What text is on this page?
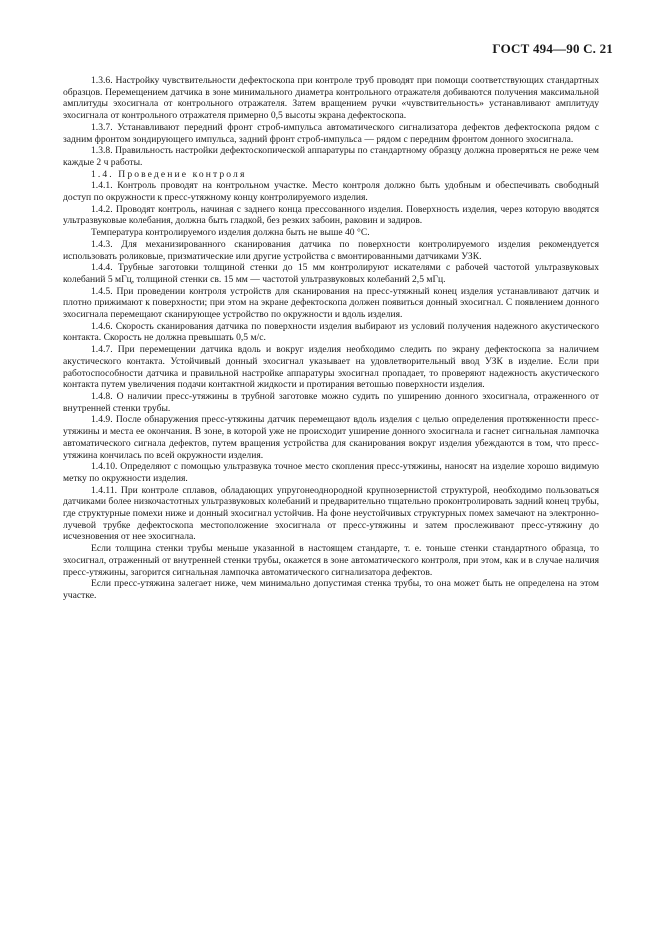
ГОСТ 494—90 С. 21

1.3.6. Настройку чувствительности дефектоскопа при контроле труб проводят при помощи соответствующих стандартных образцов. Перемещением датчика в зоне минимального диаметра контрольного отражателя добиваются получения максимальной амплитуды эхосигнала от контрольного отражателя. Затем вращением ручки «чувствительность» устанавливают амплитуду эхосигнала от контрольного отражателя примерно 0,5 высоты экрана дефектоскопа.

1.3.7. Устанавливают передний фронт строб-импульса автоматического сигнализатора дефектов дефектоскопа рядом с задним фронтом зондирующего импульса, задний фронт строб-импульса — рядом с передним фронтом донного эхосигнала.

1.3.8. Правильность настройки дефектоскопической аппаратуры по стандартному образцу должна проверяться не реже чем каждые 2 ч работы.

1.4. Проведение контроля

1.4.1. Контроль проводят на контрольном участке. Место контроля должно быть удобным и обеспечивать свободный доступ по окружности к пресс-утяжному концу контролируемого изделия.

1.4.2. Проводят контроль, начиная с заднего конца прессованного изделия. Поверхность изделия, через которую вводятся ультразвуковые колебания, должна быть гладкой, без резких забоин, раковин и задиров.

Температура контролируемого изделия должна быть не выше 40 °С.

1.4.3. Для механизированного сканирования датчика по поверхности контролируемого изделия рекомендуется использовать роликовые, призматические или другие устройства с вмонтированными датчиками УЗК.

1.4.4. Трубные заготовки толщиной стенки до 15 мм контролируют искателями с рабочей частотой ультразвуковых колебаний 5 мГц, толщиной стенки св. 15 мм — частотой ультразвуковых колебаний 2,5 мГц.

1.4.5. При проведении контроля устройств для сканирования на пресс-утяжный конец изделия устанавливают датчик и плотно прижимают к поверхности; при этом на экране дефектоскопа должен появиться донный эхосигнал. С появлением донного эхосигнала перемещают сканирующее устройство по окружности и вдоль изделия.

1.4.6. Скорость сканирования датчика по поверхности изделия выбирают из условий получения надежного акустического контакта. Скорость не должна превышать 0,5 м/с.

1.4.7. При перемещении датчика вдоль и вокруг изделия необходимо следить по экрану дефектоскопа за наличием акустического контакта. Устойчивый донный эхосигнал указывает на удовлетворительный ввод УЗК в изделие. Если при работоспособности датчика и правильной настройке аппаратуры эхосигнал пропадает, то проверяют надежность акустического контакта путем увеличения подачи контактной жидкости и протирания ветошью поверхности изделия.

1.4.8. О наличии пресс-утяжины в трубной заготовке можно судить по уширению донного эхосигнала, отраженного от внутренней стенки трубы.

1.4.9. После обнаружения пресс-утяжины датчик перемещают вдоль изделия с целью определения протяженности пресс-утяжины и места ее окончания. В зоне, в которой уже не происходит уширение донного эхосигнала и гаснет сигнальная лампочка автоматического сигнала дефектов, путем вращения устройства для сканирования вокруг изделия убеждаются в том, что пресс-утяжина кончилась по всей окружности изделия.

1.4.10. Определяют с помощью ультразвука точное место скопления пресс-утяжины, наносят на изделие хорошо видимую метку по окружности изделия.

1.4.11. При контроле сплавов, обладающих упругонеоднородной крупнозернистой структурой, необходимо пользоваться датчиками более низкочастотных ультразвуковых колебаний и предварительно тщательно проконтролировать задний конец трубы, где структурные помехи ниже и донный эхосигнал устойчив. На фоне неустойчивых структурных помех замечают на электронно-лучевой трубке дефектоскопа местоположение эхосигнала от пресс-утяжины и затем прослеживают пресс-утяжину до исчезновения от нее эхосигнала.

Если толщина стенки трубы меньше указанной в настоящем стандарте, т. е. тоньше стенки стандартного образца, то эхосигнал, отраженный от внутренней стенки трубы, окажется в зоне автоматического контроля, при этом, как и в случае наличия пресс-утяжины, загорится сигнальная лампочка автоматического сигнализатора дефектов.

Если пресс-утяжина залегает ниже, чем минимально допустимая стенка трубы, то она может быть не определена на этом участке.
